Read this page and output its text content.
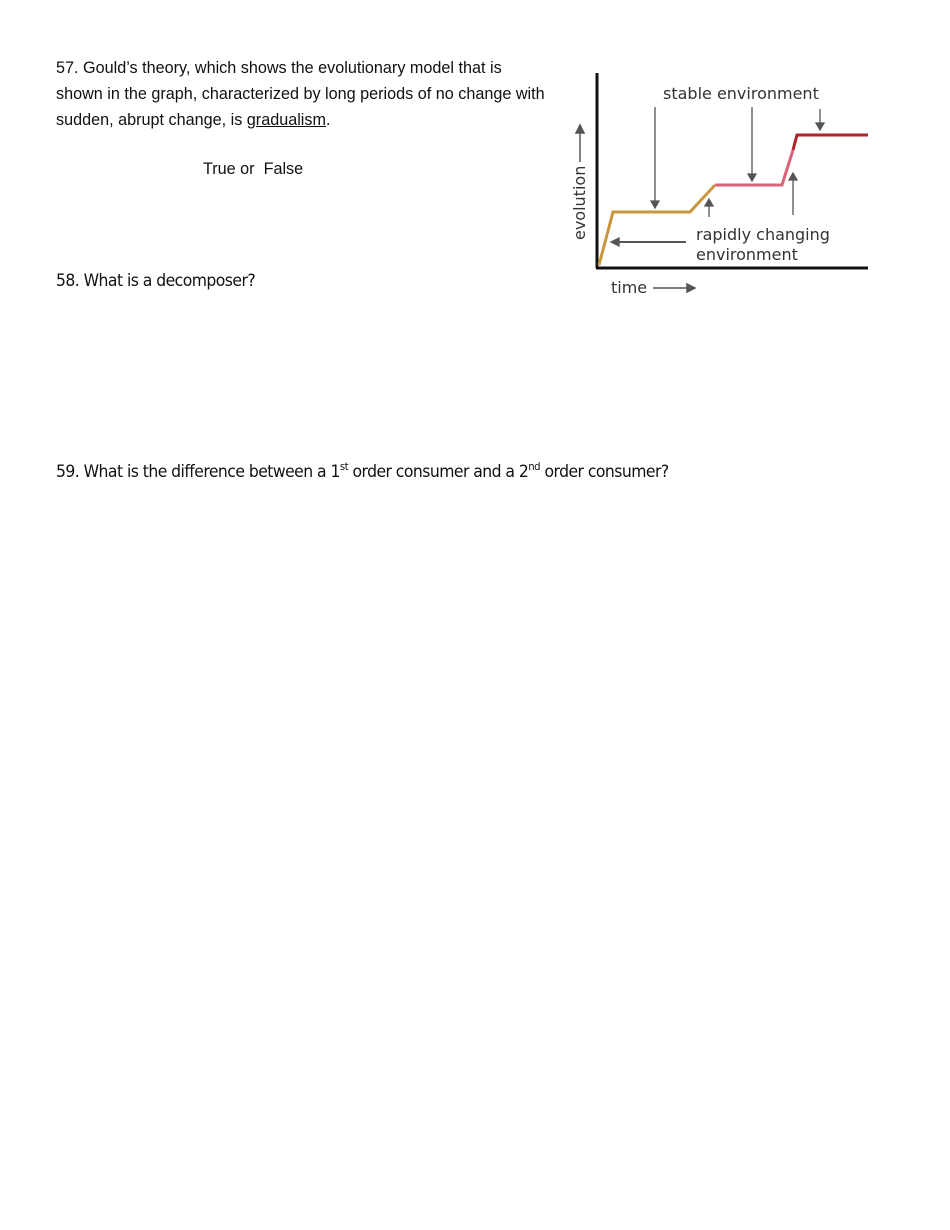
57. Gould’s theory, which shows the evolutionary model that is shown in the graph, characterized by long periods of no change with sudden, abrupt change, is gradualism.
True or  False
stable environment
rapidly changing
environment
time
evolution
58. What is a decomposer?
59. What is the difference between a 1st order consumer and a 2nd order consumer?
